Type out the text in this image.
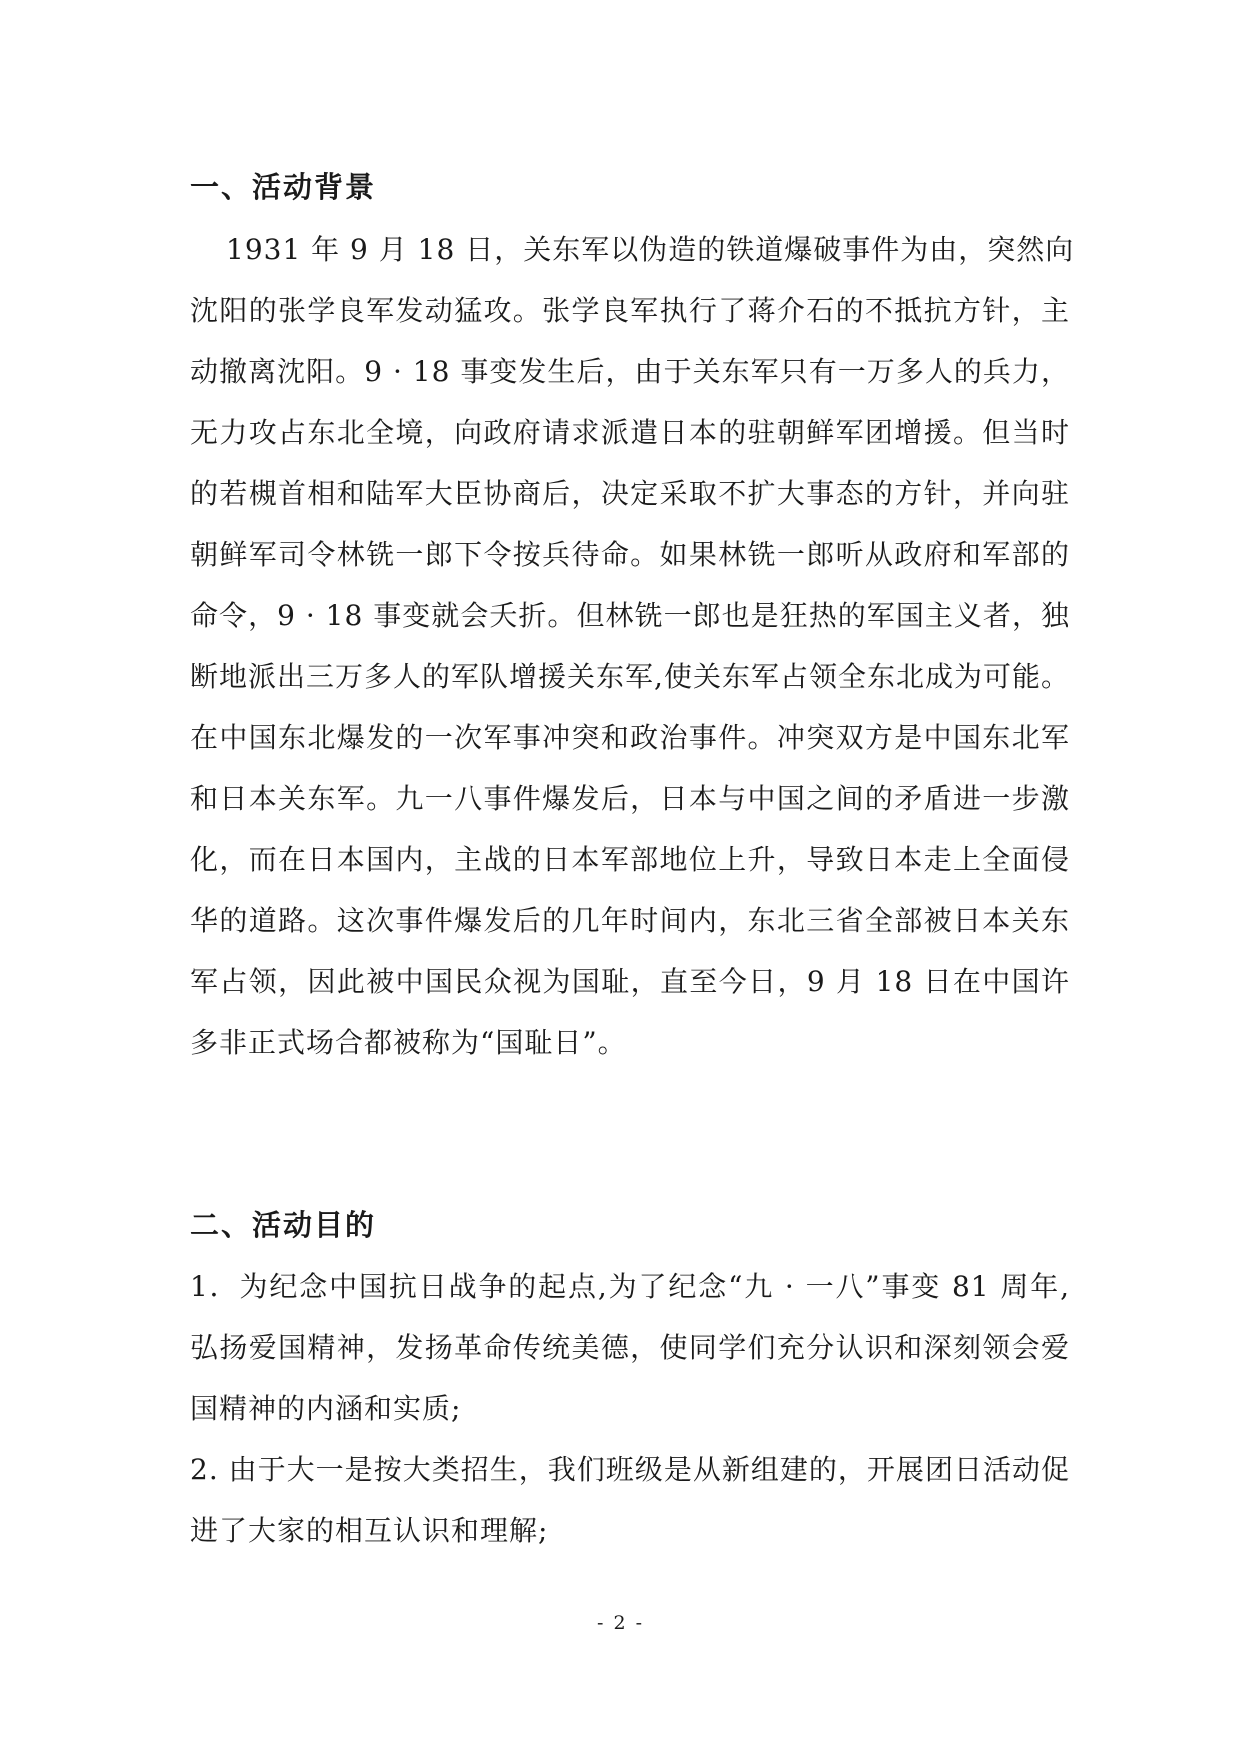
一、活动背景
1931 年 9 月 18 日，关东军以伪造的铁道爆破事件为由，突然向
沈阳的张学良军发动猛攻。张学良军执行了蒋介石的不抵抗方针，主
动撤离沈阳。9 · 18 事变发生后，由于关东军只有一万多人的兵力，
无力攻占东北全境，向政府请求派遣日本的驻朝鲜军团增援。但当时
的若槻首相和陆军大臣协商后，决定采取不扩大事态的方针，并向驻
朝鲜军司令林铣一郎下令按兵待命。如果林铣一郎听从政府和军部的
命令，9 · 18 事变就会夭折。但林铣一郎也是狂热的军国主义者，独
断地派出三万多人的军队增援关东军,使关东军占领全东北成为可能。
在中国东北爆发的一次军事冲突和政治事件。冲突双方是中国东北军
和日本关东军。九一八事件爆发后，日本与中国之间的矛盾进一步激
化，而在日本国内，主战的日本军部地位上升，导致日本走上全面侵
华的道路。这次事件爆发后的几年时间内，东北三省全部被日本关东
军占领，因此被中国民众视为国耻，直至今日，9 月 18 日在中国许
多非正式场合都被称为“国耻日”。
二、活动目的
1．为纪念中国抗日战争的起点,为了纪念“九 · 一八”事变 81 周年,
弘扬爱国精神，发扬革命传统美德，使同学们充分认识和深刻领会爱
国精神的内涵和实质;
2. 由于大一是按大类招生，我们班级是从新组建的，开展团日活动促
进了大家的相互认识和理解;
- 2 -
